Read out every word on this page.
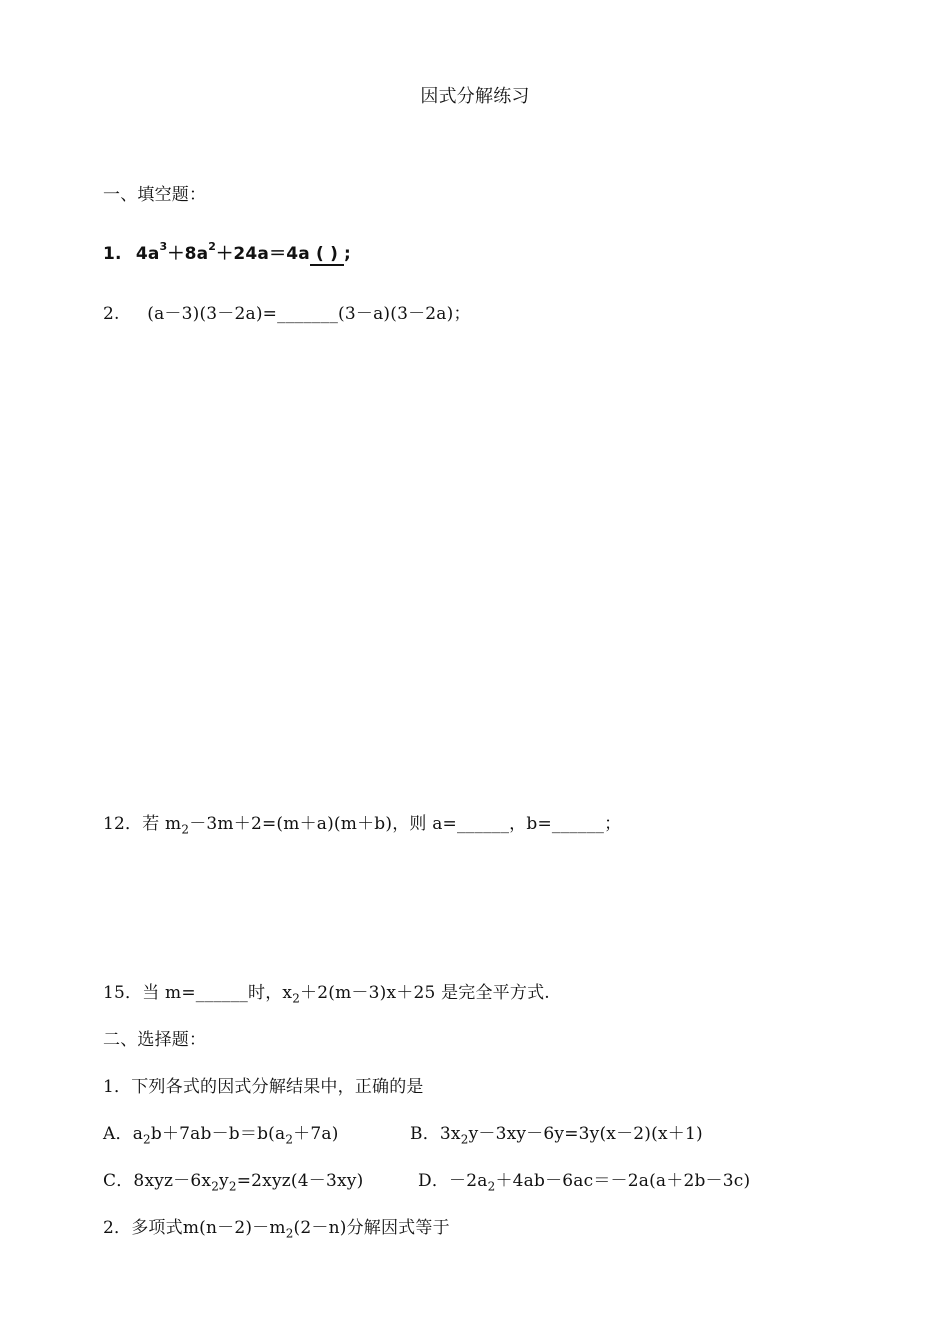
因式分解练习
一、填空题：
1. $4a^3+8a^2+24a=4a$ ( ) ;
2. (a－3)(3－2a)=_______(3－a)(3－2a)；
12．若 $m_2-3m+2=(m+a)(m+b)$，则 a=______，b=______；
15．当 m=______时，$x_2+2(m-3)x+25$ 是完全平方式.
二、选择题：
1．下列各式的因式分解结果中，正确的是
A．$a_2b+7ab-b=b(a_2+7a)$	B．$3x_2y-3xy-6y=3y(x-2)(x+1)$
C．$8xyz-6x_2y_2=2xyz(4-3xy)$	D．$-2a_2+4ab-6ac=-2a(a+2b-3c)$
2．多项式$m(n-2)-m_2(2-n)$分解因式等于
